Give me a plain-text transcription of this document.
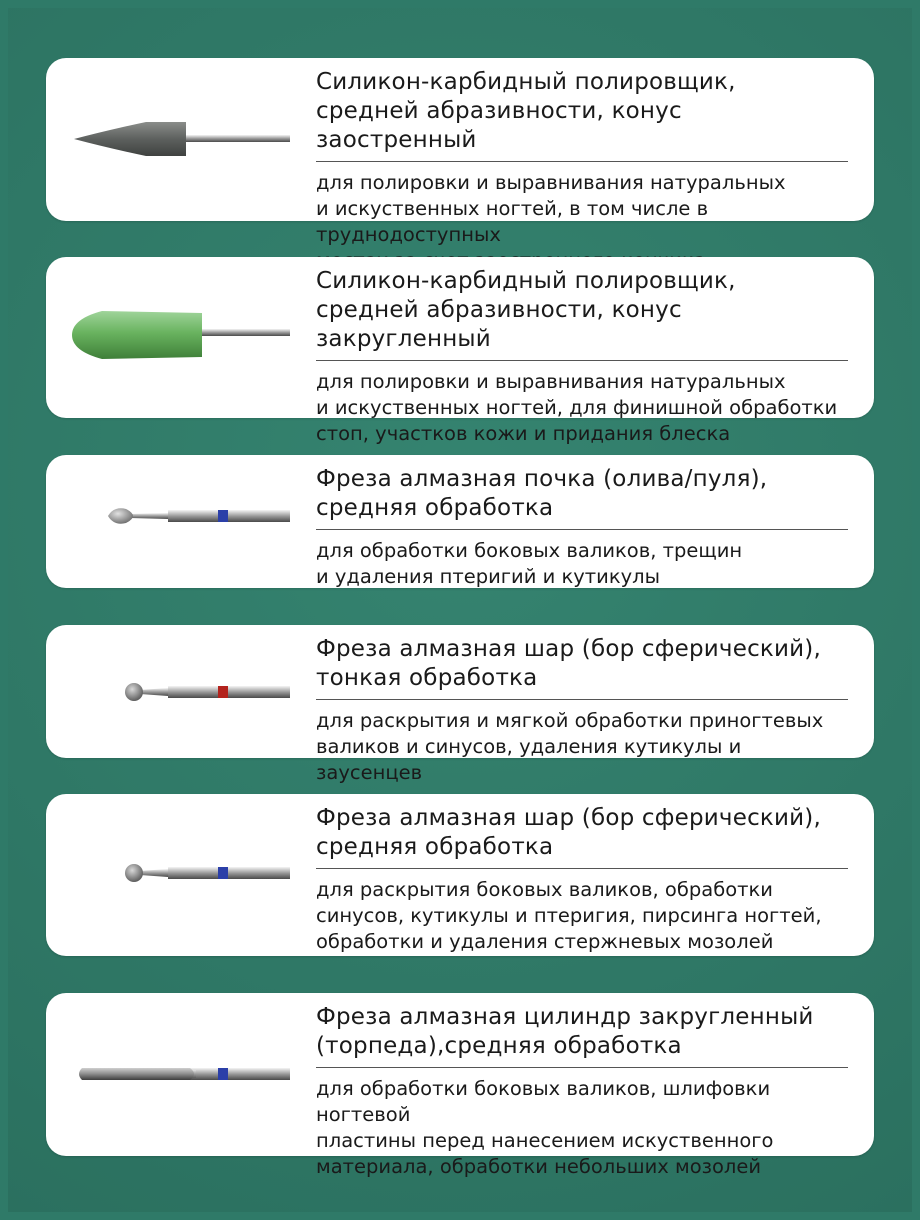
Силикон-карбидный полировщик,
средней абразивности, конус заостренный

для полировки и выравнивания натуральных
и искуственных ногтей, в том числе в труднодоступных

Силикон-карбидный полировщик,
средней абразивности, конус закругленный

для полировки и выравнивания натуральных
и искуственных ногтей, для финишной обработки
стоп, участков кожи и придания блеска

Фреза алмазная почка (олива/пуля),
средняя обработка

для обработки боковых валиков, трещин
и удаления птеригий и кутикулы

Фреза алмазная шар (бор сферический),
тонкая обработка

для раскрытия и мягкой обработки приногтевых
валиков и синусов, удаления кутикулы и заусенцев

Фреза алмазная шар (бор сферический),
средняя обработка

для раскрытия боковых валиков, обработки
синусов, кутикулы и птеригия, пирсинга ногтей,
обработки и удаления стержневых мозолей

Фреза алмазная цилиндр закругленный
(торпеда),средняя обработка

для обработки боковых валиков, шлифовки ногтевой
пластины перед нанесением искуственного
материала, обработки небольших мозолей
